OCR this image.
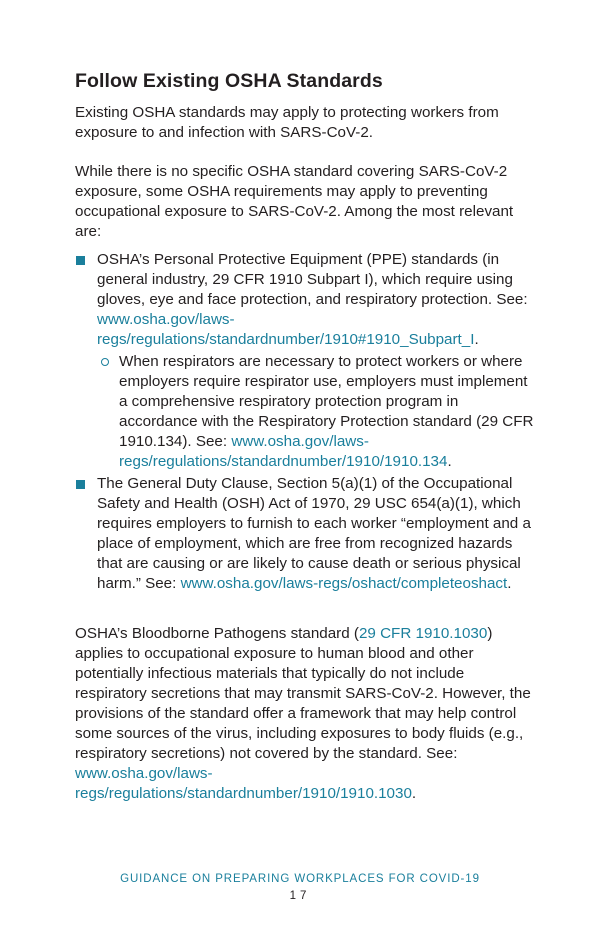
Follow Existing OSHA Standards

Existing OSHA standards may apply to protecting workers from exposure to and infection with SARS-CoV-2.

While there is no specific OSHA standard covering SARS-CoV-2 exposure, some OSHA requirements may apply to preventing occupational exposure to SARS-CoV-2. Among the most relevant are:

OSHA’s Personal Protective Equipment (PPE) standards (in general industry, 29 CFR 1910 Subpart I), which require using gloves, eye and face protection, and respiratory protection. See: www.osha.gov/laws-regs/regulations/standardnumber/1910#1910_Subpart_I.

When respirators are necessary to protect workers or where employers require respirator use, employers must implement a comprehensive respiratory protection program in accordance with the Respiratory Protection standard (29 CFR 1910.134). See: www.osha.gov/laws-regs/regulations/standardnumber/1910/1910.134.

The General Duty Clause, Section 5(a)(1) of the Occupational Safety and Health (OSH) Act of 1970, 29 USC 654(a)(1), which requires employers to furnish to each worker “employment and a place of employment, which are free from recognized hazards that are causing or are likely to cause death or serious physical harm.” See: www.osha.gov/laws-regs/oshact/completeoshact.

OSHA’s Bloodborne Pathogens standard (29 CFR 1910.1030) applies to occupational exposure to human blood and other potentially infectious materials that typically do not include respiratory secretions that may transmit SARS-CoV-2. However, the provisions of the standard offer a framework that may help control some sources of the virus, including exposures to body fluids (e.g., respiratory secretions) not covered by the standard. See: www.osha.gov/laws-regs/regulations/standardnumber/1910/1910.1030.

GUIDANCE ON PREPARING WORKPLACES FOR COVID-19
17
